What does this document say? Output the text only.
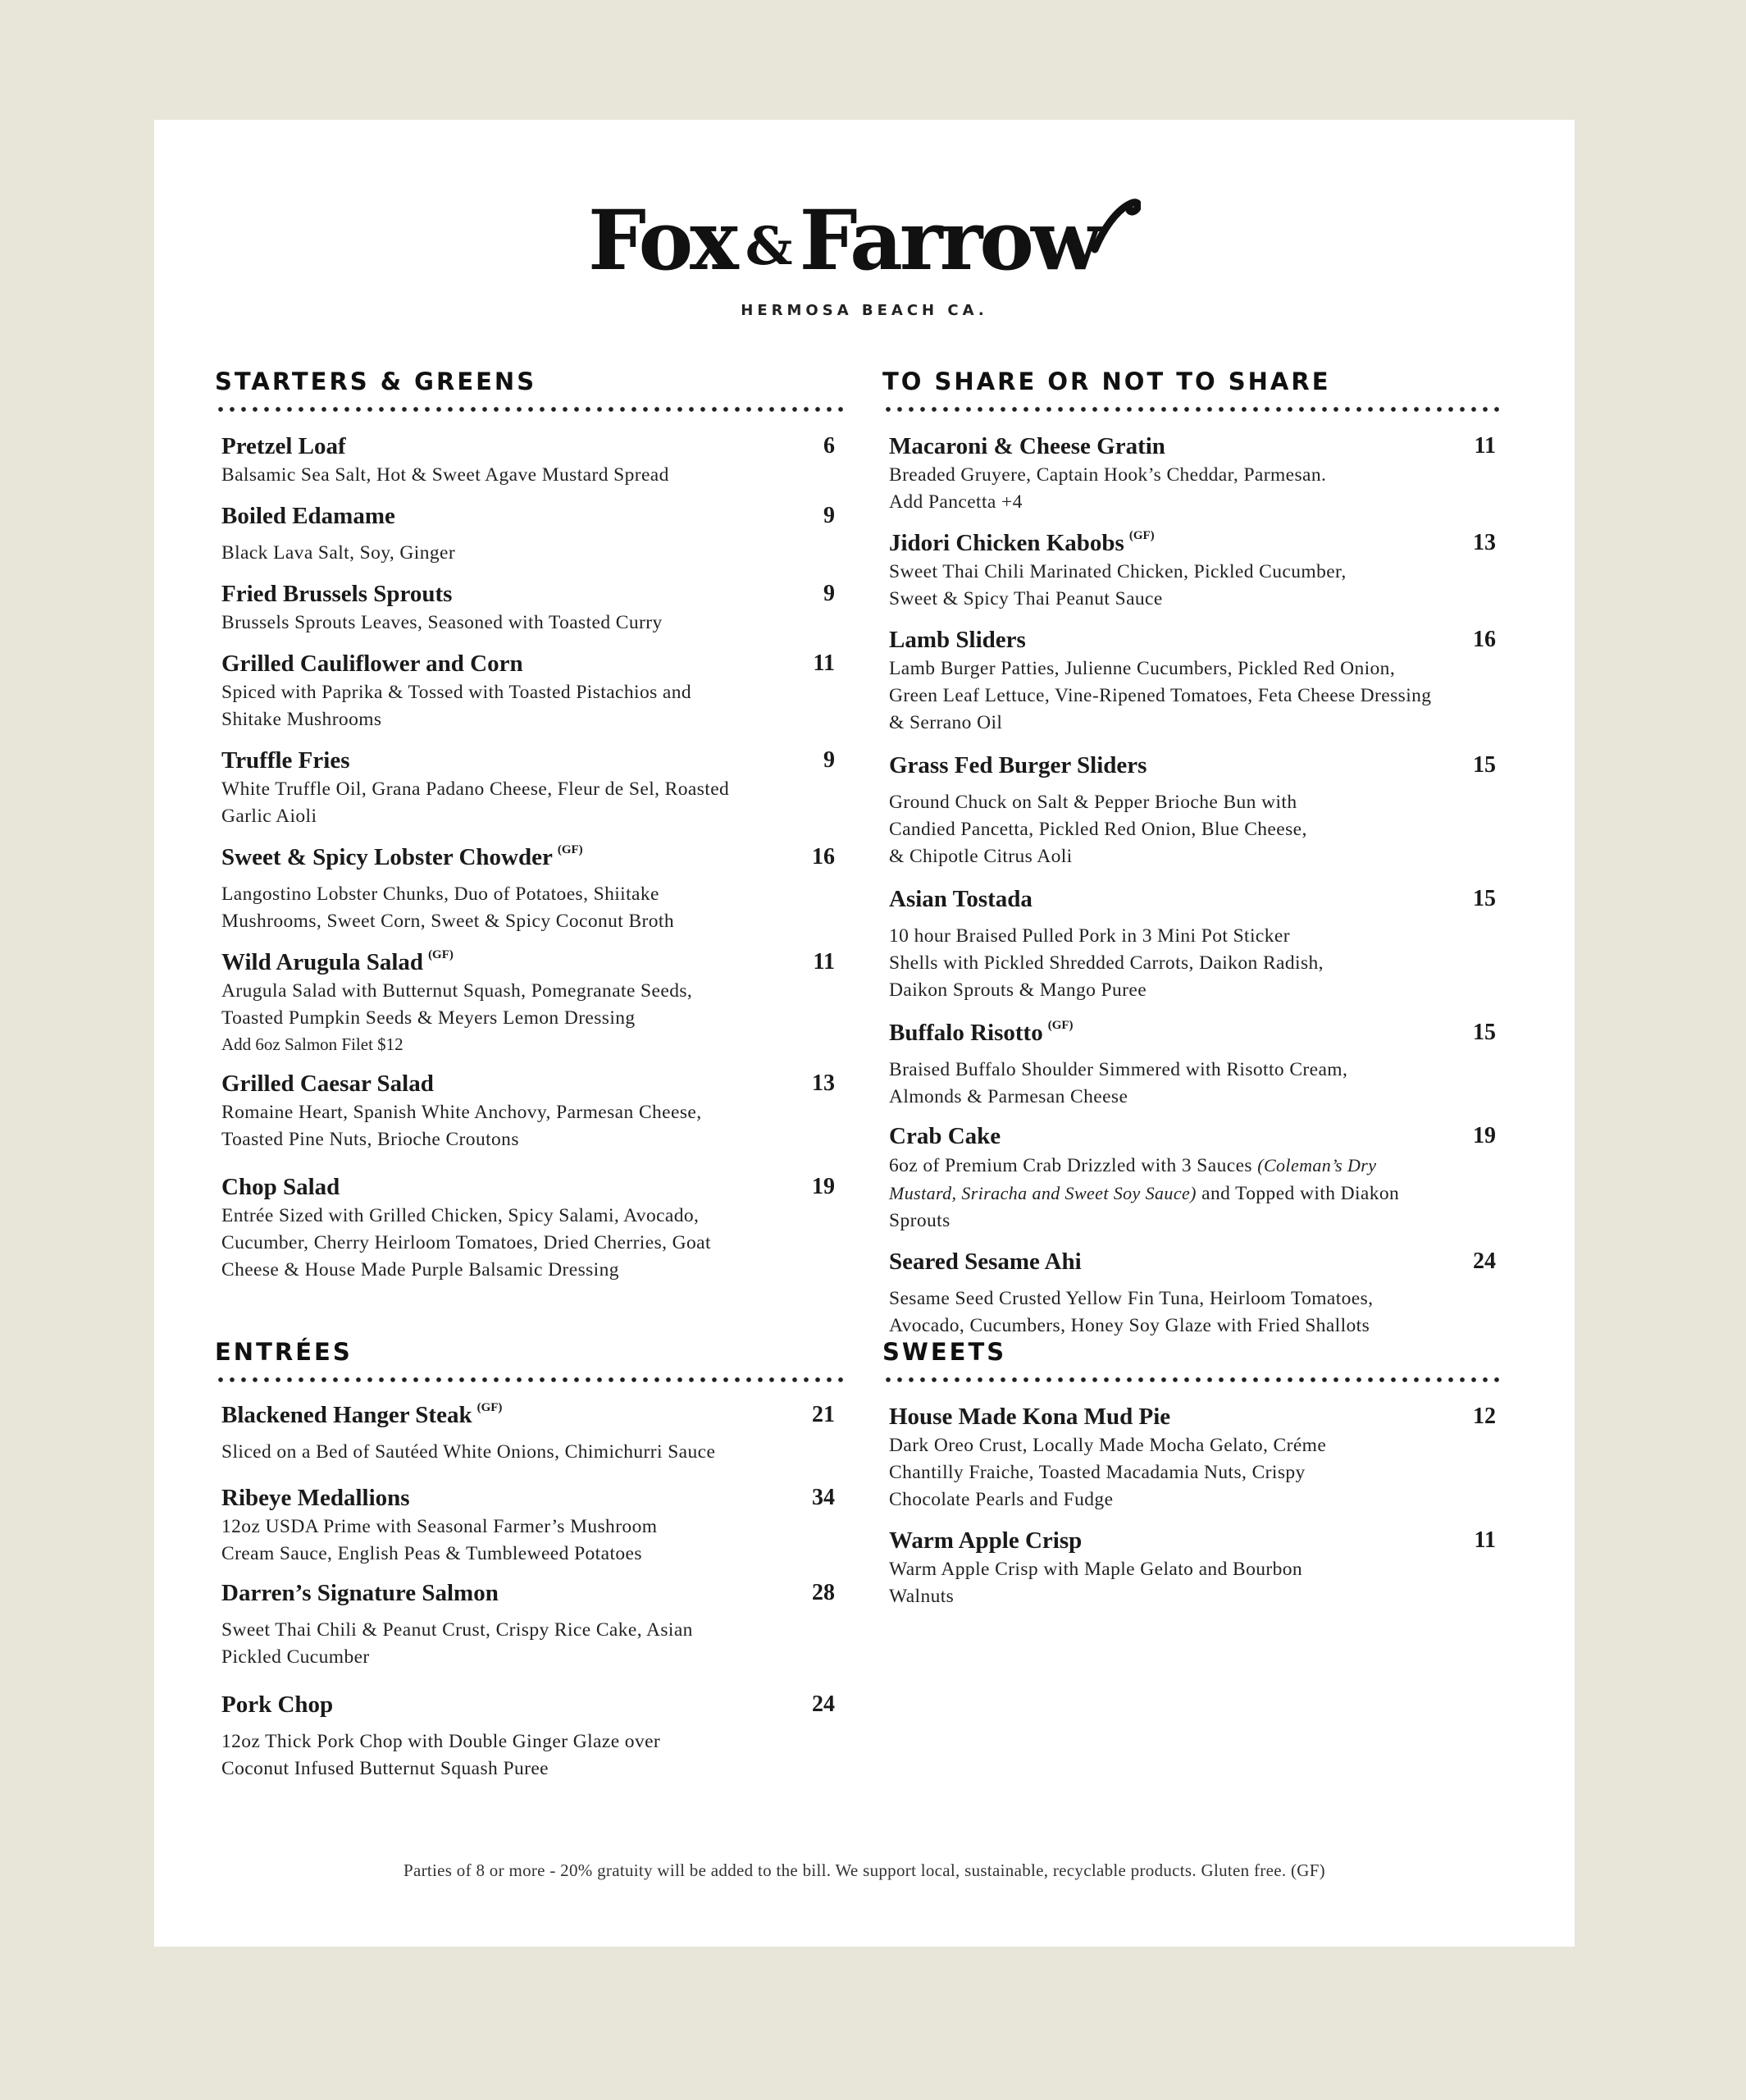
Fox & Farrow
HERMOSA BEACH CA.
STARTERS & GREENS
Pretzel Loaf	6
Balsamic Sea Salt, Hot & Sweet Agave Mustard Spread
Boiled Edamame	9
Black Lava Salt, Soy, Ginger
Fried Brussels Sprouts	9
Brussels Sprouts Leaves, Seasoned with Toasted Curry
Grilled Cauliflower and Corn	11
Spiced with Paprika & Tossed with Toasted Pistachios and
Shitake Mushrooms
Truffle Fries	9
White Truffle Oil, Grana Padano Cheese, Fleur de Sel, Roasted
Garlic Aioli
Sweet & Spicy Lobster Chowder (GF)	16
Langostino Lobster Chunks, Duo of Potatoes, Shiitake
Mushrooms, Sweet Corn, Sweet & Spicy Coconut Broth
Wild Arugula Salad (GF)	11
Arugula Salad with Butternut Squash, Pomegranate Seeds,
Toasted Pumpkin Seeds & Meyers Lemon Dressing
Add 6oz Salmon Filet $12
Grilled Caesar Salad	13
Romaine Heart, Spanish White Anchovy, Parmesan Cheese,
Toasted Pine Nuts, Brioche Croutons
Chop Salad	19
Entrée Sized with Grilled Chicken, Spicy Salami, Avocado,
Cucumber, Cherry Heirloom Tomatoes, Dried Cherries, Goat
Cheese & House Made Purple Balsamic Dressing
TO SHARE OR NOT TO SHARE
Macaroni & Cheese Gratin	11
Breaded Gruyere, Captain Hook’s Cheddar, Parmesan.
Add Pancetta +4
Jidori Chicken Kabobs (GF)	13
Sweet Thai Chili Marinated Chicken, Pickled Cucumber,
Sweet & Spicy Thai Peanut Sauce
Lamb Sliders	16
Lamb Burger Patties, Julienne Cucumbers, Pickled Red Onion,
Green Leaf Lettuce, Vine-Ripened Tomatoes, Feta Cheese Dressing
& Serrano Oil
Grass Fed Burger Sliders	15
Ground Chuck on Salt & Pepper Brioche Bun with
Candied Pancetta, Pickled Red Onion, Blue Cheese,
& Chipotle Citrus Aoli
Asian Tostada	15
10 hour Braised Pulled Pork in 3 Mini Pot Sticker
Shells with Pickled Shredded Carrots, Daikon Radish,
Daikon Sprouts & Mango Puree
Buffalo Risotto (GF)	15
Braised Buffalo Shoulder Simmered with Risotto Cream,
Almonds & Parmesan Cheese
Crab Cake	19
6oz of Premium Crab Drizzled with 3 Sauces (Coleman’s Dry
Mustard, Sriracha and Sweet Soy Sauce) and Topped with Diakon
Sprouts
Seared Sesame Ahi	24
Sesame Seed Crusted Yellow Fin Tuna, Heirloom Tomatoes,
Avocado, Cucumbers, Honey Soy Glaze with Fried Shallots
ENTRÉES
Blackened Hanger Steak (GF)	21
Sliced on a Bed of Sautéed White Onions, Chimichurri Sauce
Ribeye Medallions	34
12oz USDA Prime with Seasonal Farmer’s Mushroom
Cream Sauce, English Peas & Tumbleweed Potatoes
Darren’s Signature Salmon	28
Sweet Thai Chili & Peanut Crust, Crispy Rice Cake, Asian
Pickled Cucumber
Pork Chop	24
12oz Thick Pork Chop with Double Ginger Glaze over
Coconut Infused Butternut Squash Puree
SWEETS
House Made Kona Mud Pie	12
Dark Oreo Crust, Locally Made Mocha Gelato, Créme
Chantilly Fraiche, Toasted Macadamia Nuts, Crispy
Chocolate Pearls and Fudge
Warm Apple Crisp	11
Warm Apple Crisp with Maple Gelato and Bourbon
Walnuts
Parties of 8 or more - 20% gratuity will be added to the bill. We support local, sustainable, recyclable products. Gluten free. (GF)
